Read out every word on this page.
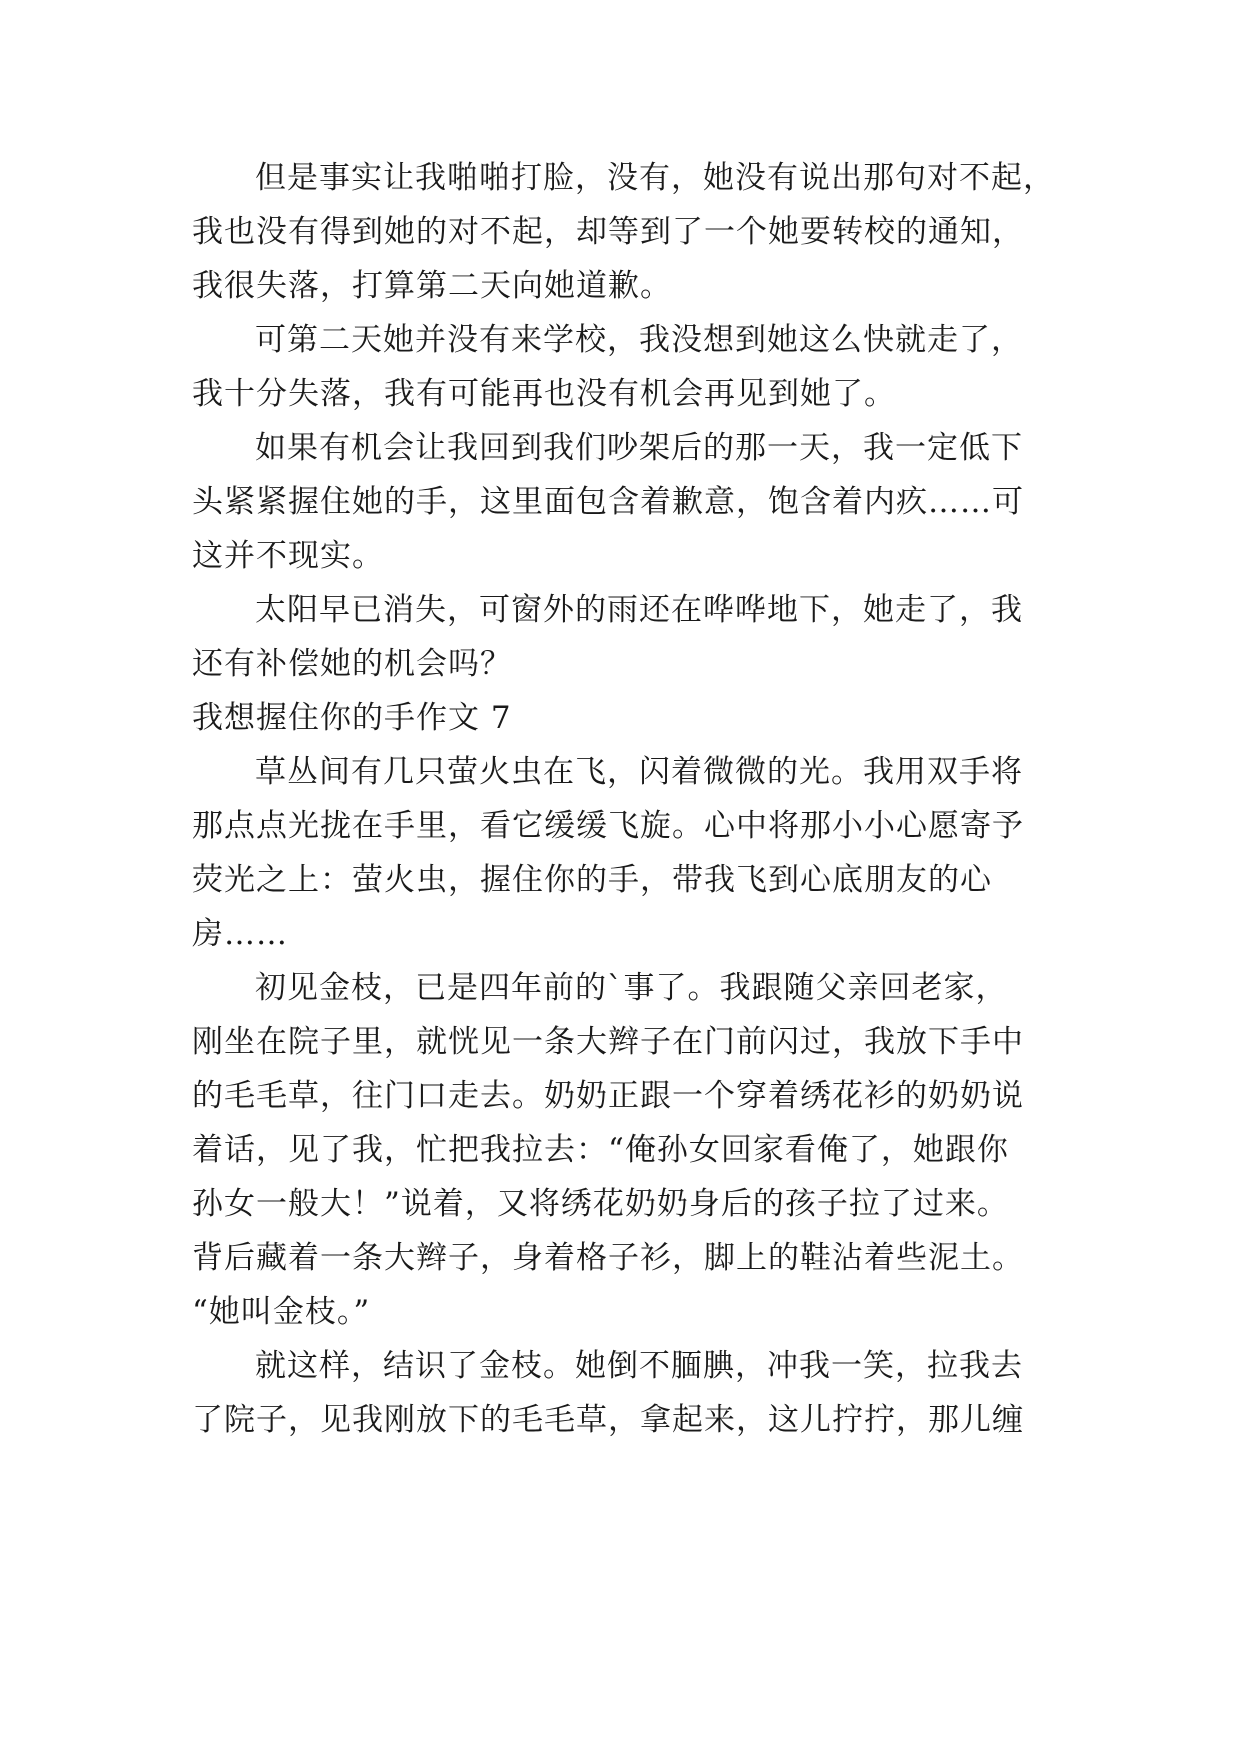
但是事实让我啪啪打脸，没有，她没有说出那句对不起，
我也没有得到她的对不起，却等到了一个她要转校的通知，
我很失落，打算第二天向她道歉。
可第二天她并没有来学校，我没想到她这么快就走了，
我十分失落，我有可能再也没有机会再见到她了。
如果有机会让我回到我们吵架后的那一天，我一定低下
头紧紧握住她的手，这里面包含着歉意，饱含着内疚……可
这并不现实。
太阳早已消失，可窗外的雨还在哗哗地下，她走了，我
还有补偿她的机会吗？
我想握住你的手作文 7
草丛间有几只萤火虫在飞，闪着微微的光。我用双手将
那点点光拢在手里，看它缓缓飞旋。心中将那小小心愿寄予
荧光之上：萤火虫，握住你的手，带我飞到心底朋友的心
房……
初见金枝，已是四年前的`事了。我跟随父亲回老家，
刚坐在院子里，就恍见一条大辫子在门前闪过，我放下手中
的毛毛草，往门口走去。奶奶正跟一个穿着绣花衫的奶奶说
着话，见了我，忙把我拉去：“俺孙女回家看俺了，她跟你
孙女一般大！”说着，又将绣花奶奶身后的孩子拉了过来。
背后藏着一条大辫子，身着格子衫，脚上的鞋沾着些泥土。
“她叫金枝。”
就这样，结识了金枝。她倒不腼腆，冲我一笑，拉我去
了院子，见我刚放下的毛毛草，拿起来，这儿拧拧，那儿缠
